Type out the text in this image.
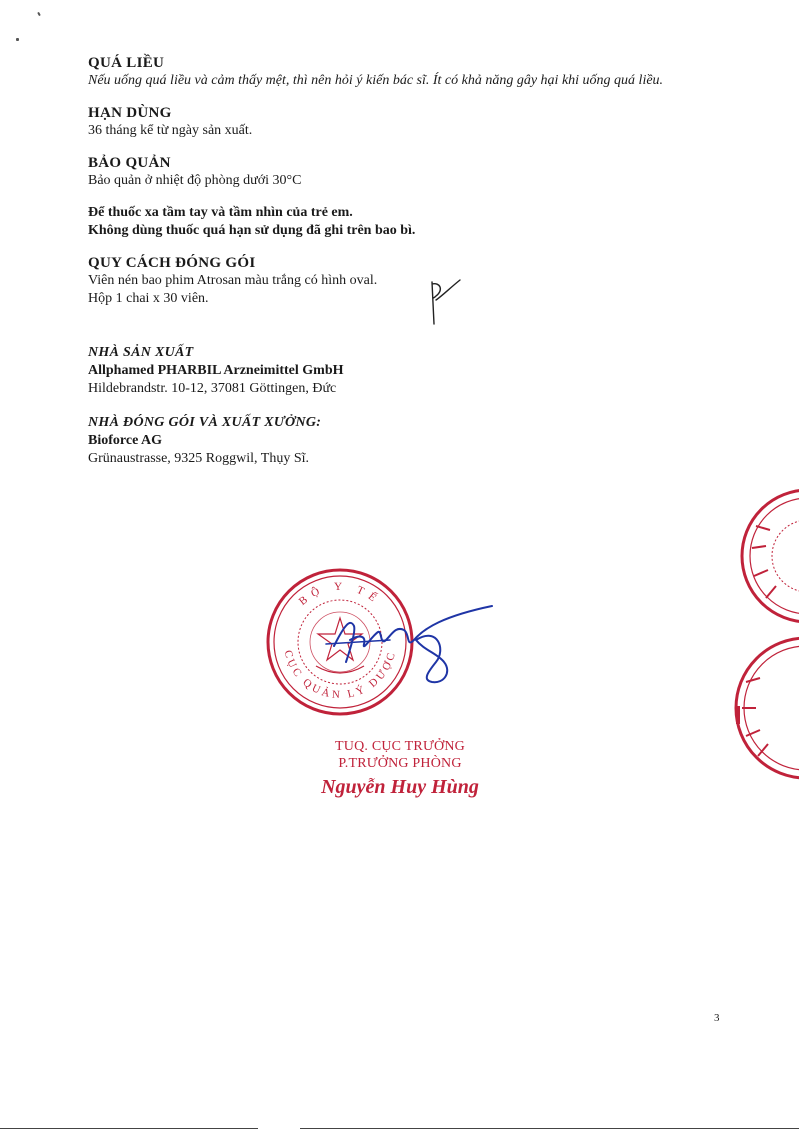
QUÁ LIỀU

Nếu uống quá liều và cảm thấy mệt, thì nên hỏi ý kiến bác sĩ. Ít có khả năng gây hại khi uống quá liều.

HẠN DÙNG

36 tháng kể từ ngày sản xuất.

BẢO QUẢN

Bảo quản ở nhiệt độ phòng dưới 30°C

Để thuốc xa tầm tay và tầm nhìn của trẻ em.

Không dùng thuốc quá hạn sử dụng đã ghi trên bao bì.

QUY CÁCH ĐÓNG GÓI

Viên nén bao phim Atrosan màu trắng có hình oval.

Hộp 1 chai x 30 viên.

NHÀ SẢN XUẤT

Allphamed PHARBIL Arzneimittel GmbH

Hildebrandstr. 10-12, 37081 Göttingen, Đức

NHÀ ĐÓNG GÓI VÀ XUẤT XƯỞNG:

Bioforce AG

Grünaustrasse, 9325 Roggwil, Thụy Sĩ.

BỘ Y TẾ
CỤC QUẢN LÝ DƯỢC

TUQ. CỤC TRƯỞNG

P.TRƯỞNG PHÒNG

Nguyễn Huy Hùng

3
